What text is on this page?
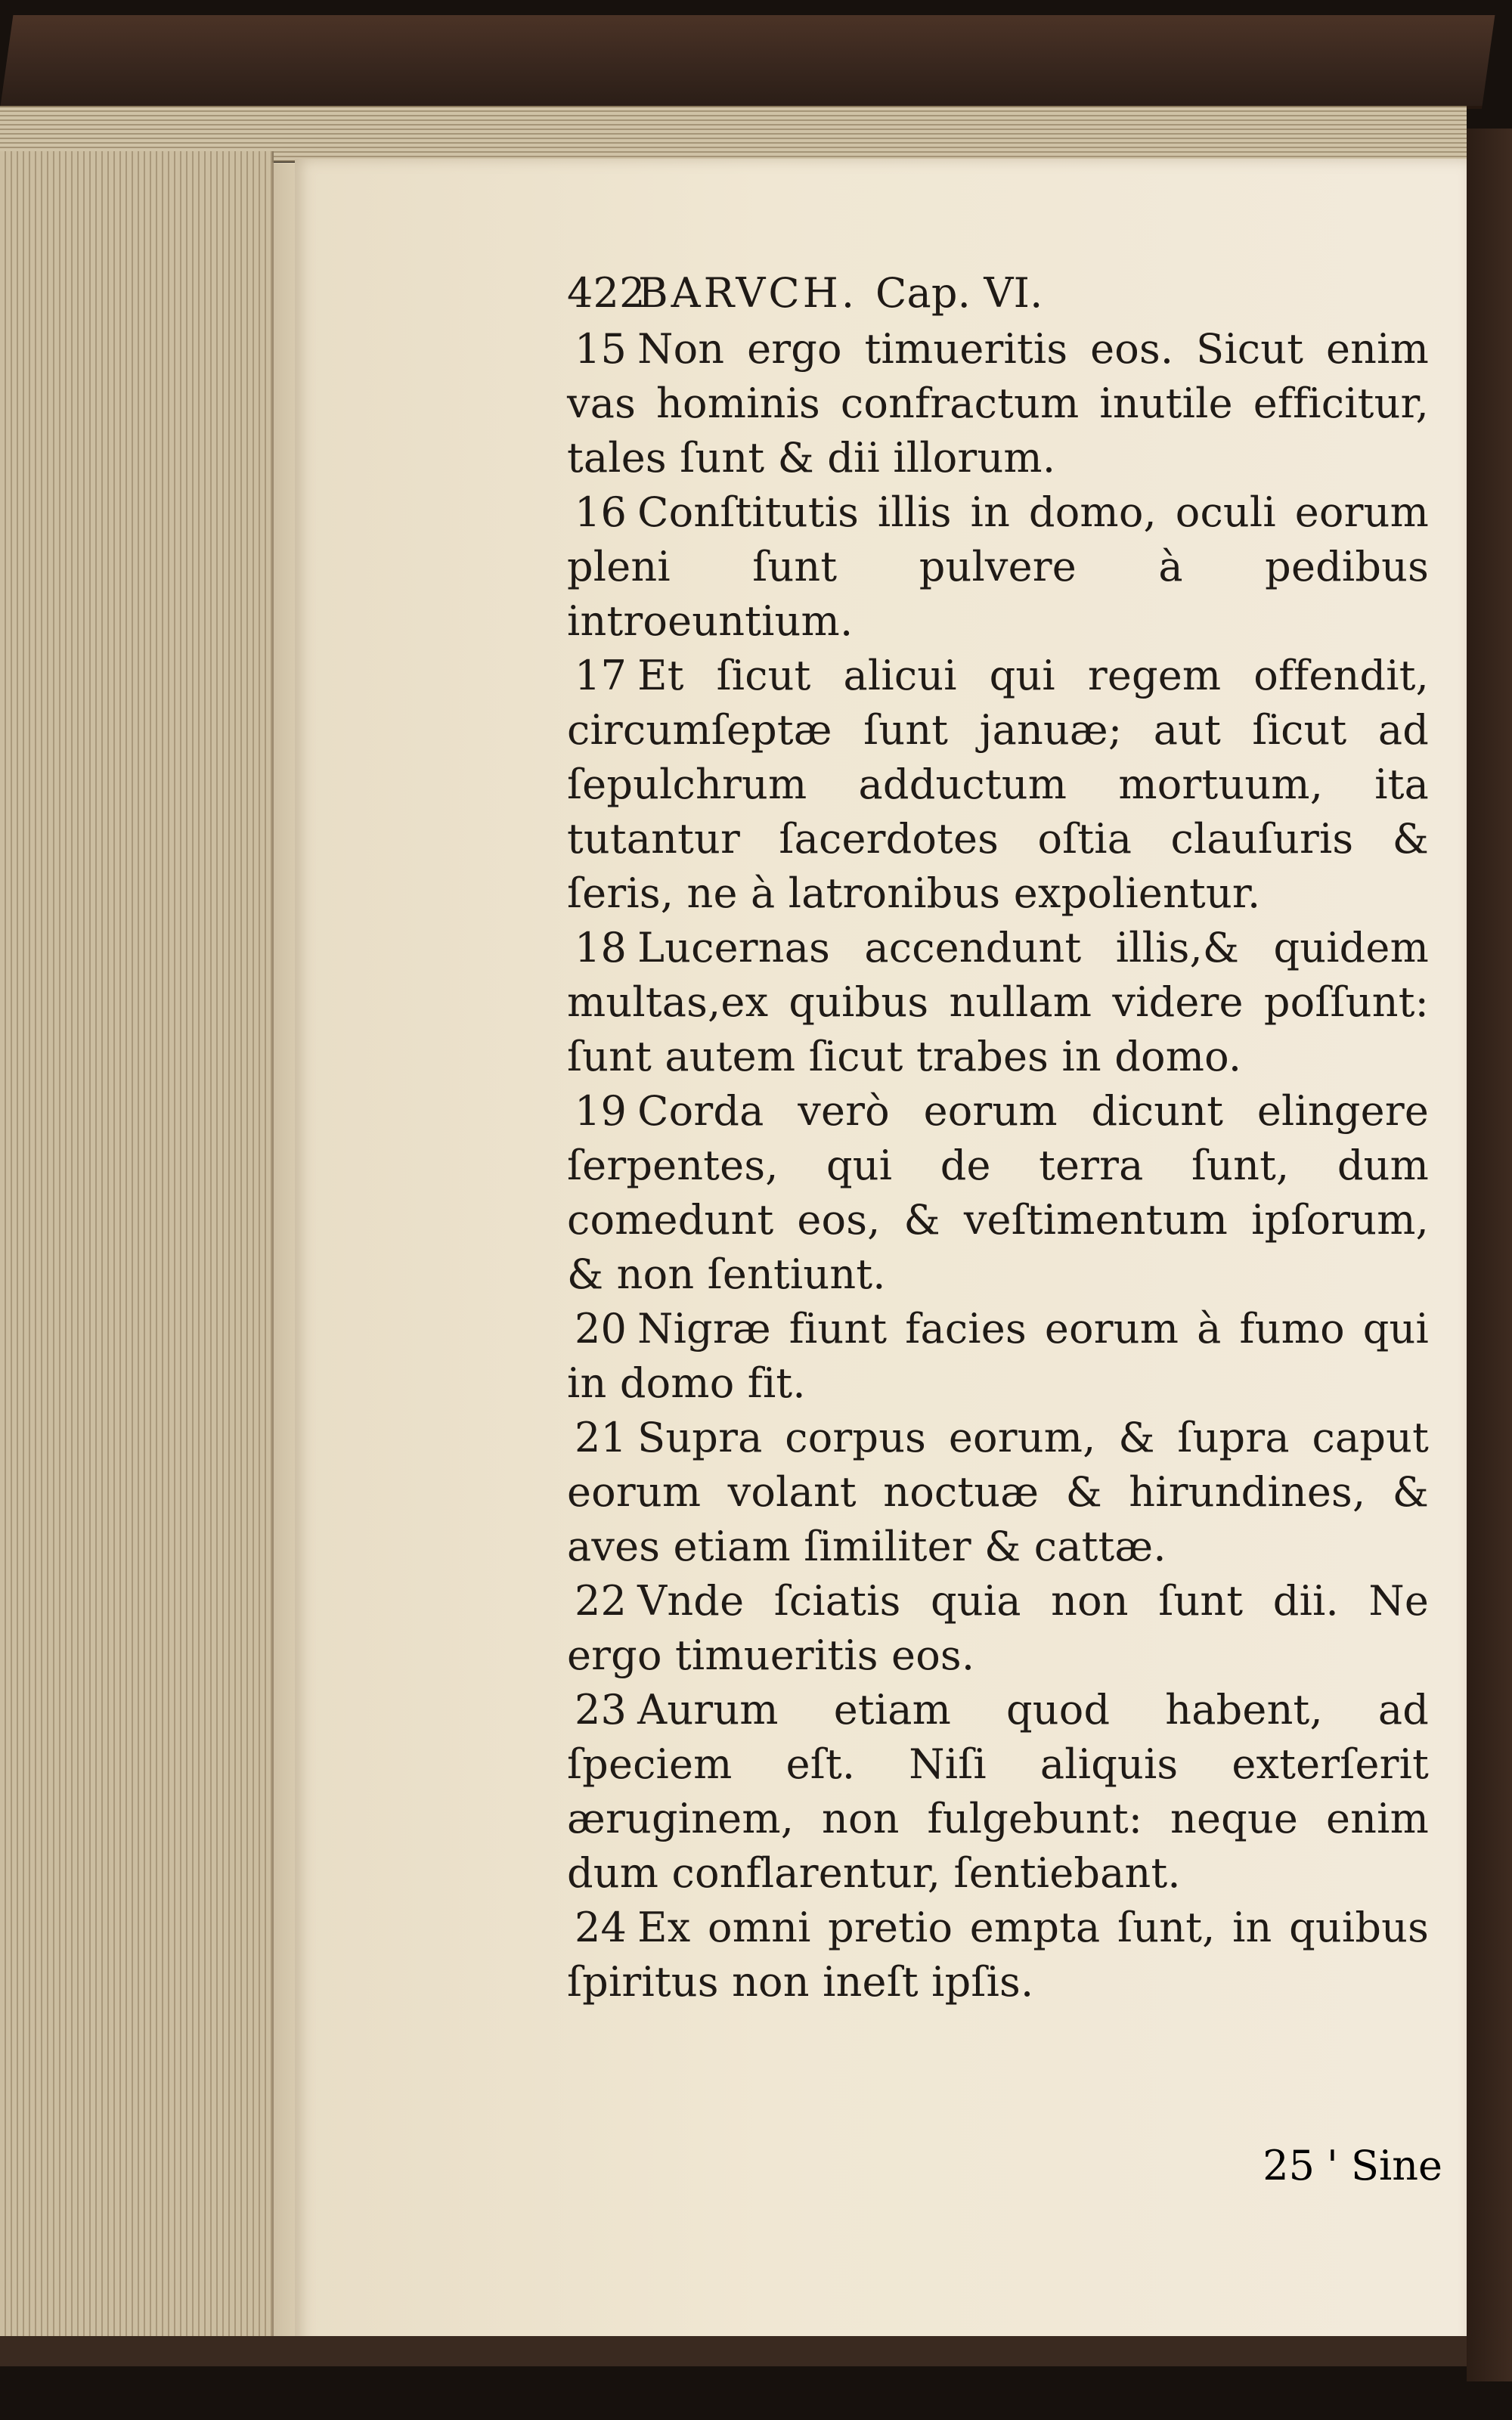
422
BARVCH. Cap. VI.

15 Non ergo timueritis eos. Sicut enim vas hominis confractum inutile efficitur, tales ſunt & dii illorum.

16 Conſtitutis illis in domo, oculi eorum pleni ſunt pulvere à pedibus introeuntium.

17 Et ſicut alicui qui regem offendit, circumſeptæ ſunt januæ; aut ſicut ad ſepulchrum adductum mortuum, ita tutantur ſacerdotes oſtia clauſuris & ſeris, ne à latronibus expolientur.

18 Lucernas accendunt illis,& quidem multas,ex quibus nullam videre poſſunt: ſunt autem ſicut trabes in domo.

19 Corda verò eorum dicunt elingere ſerpentes, qui de terra ſunt, dum comedunt eos, & veſtimentum ipſorum, & non ſentiunt.

20 Nigræ fiunt facies eorum à fumo qui in domo fit.

21 Supra corpus eorum, & ſupra caput eorum volant noctuæ & hirundines, & aves etiam ſimiliter & cattæ.

22 Vnde ſciatis quia non ſunt dii. Ne ergo timueritis eos.

23 Aurum etiam quod habent, ad ſpeciem eſt. Niſi aliquis exterſerit æruginem, non fulgebunt: neque enim dum conflarentur, ſentiebant.

24 Ex omni pretio empta ſunt, in quibus ſpiritus non ineſt ipſis.

25 ' Sine
